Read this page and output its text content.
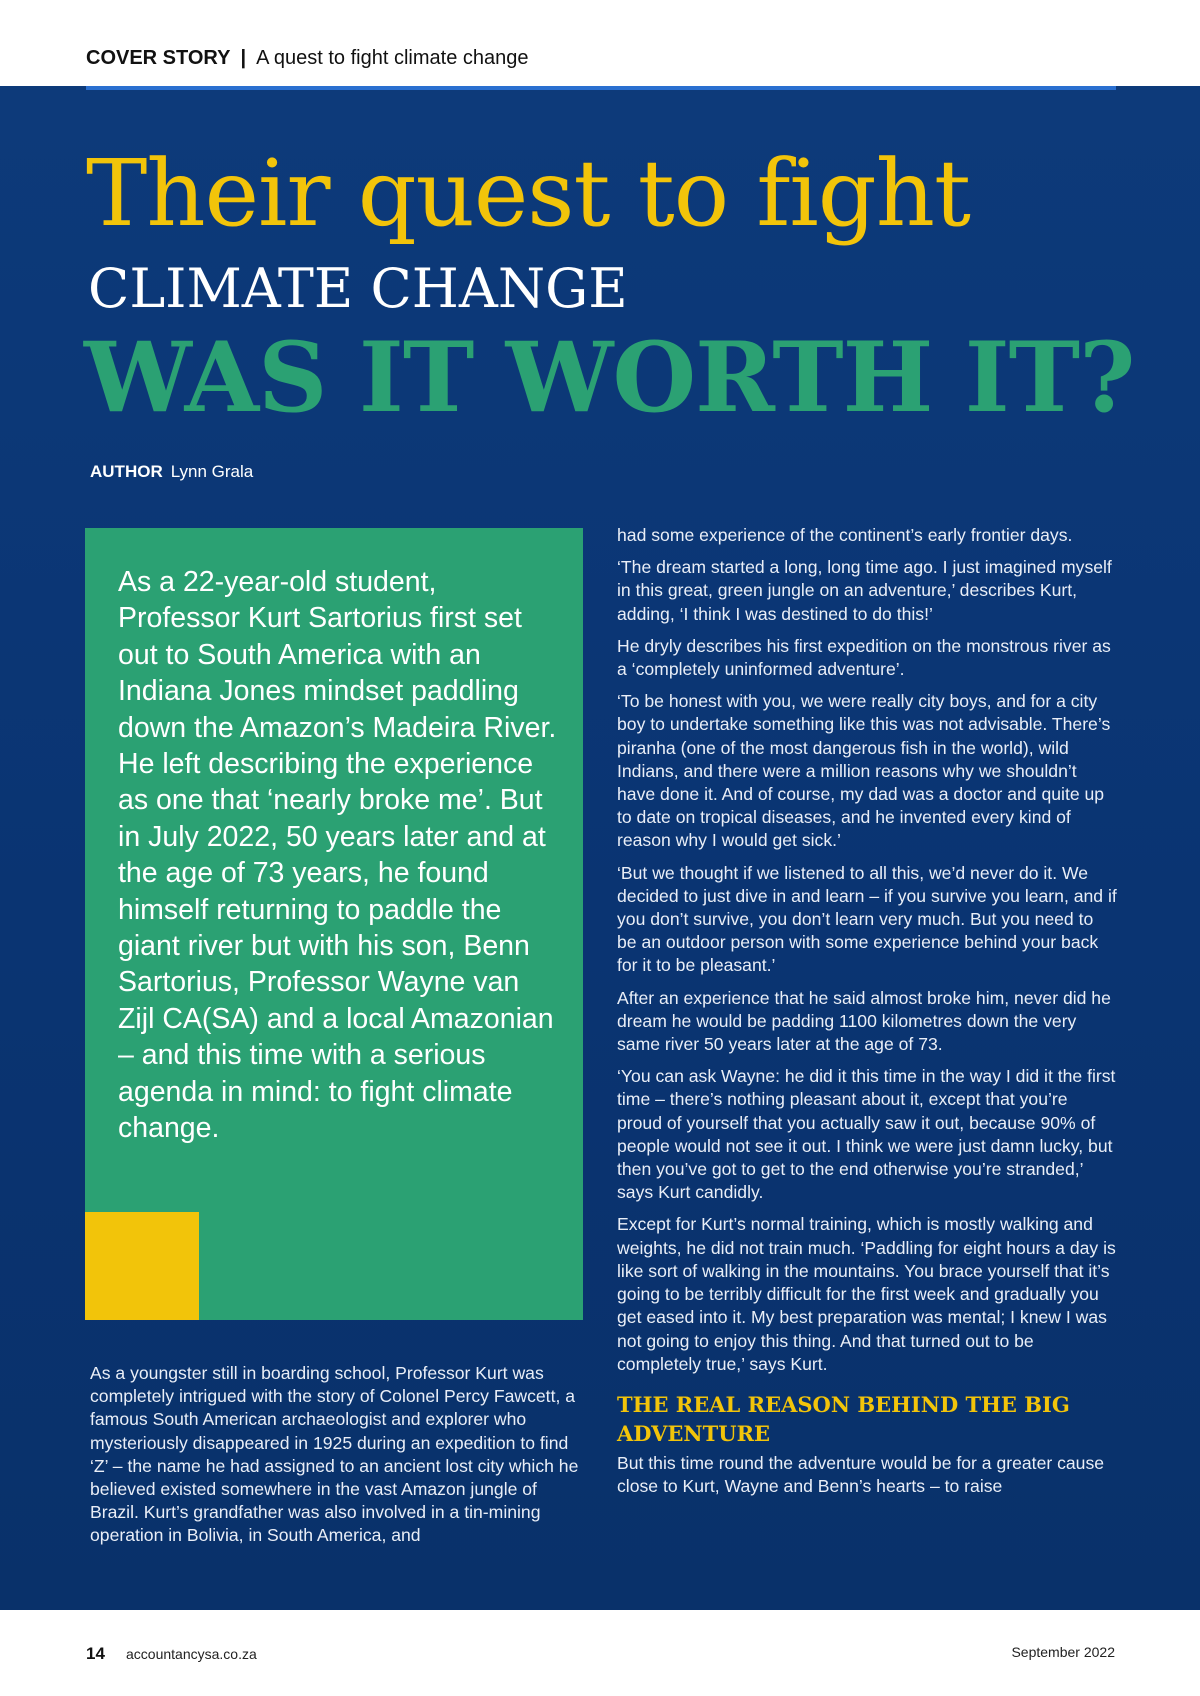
COVER STORY | A quest to fight climate change
Their quest to fight
CLIMATE CHANGE
WAS IT WORTH IT?
AUTHOR Lynn Grala
As a 22-year-old student, Professor Kurt Sartorius first set out to South America with an Indiana Jones mindset paddling down the Amazon’s Madeira River. He left describing the experience as one that ‘nearly broke me’. But in July 2022, 50 years later and at the age of 73 years, he found himself returning to paddle the giant river but with his son, Benn Sartorius, Professor Wayne van Zijl CA(SA) and a local Amazonian – and this time with a serious agenda in mind: to fight climate change.

As a youngster still in boarding school, Professor Kurt was completely intrigued with the story of Colonel Percy Fawcett, a famous South American archaeologist and explorer who mysteriously disappeared in 1925 during an expedition to find ‘Z’ – the name he had assigned to an ancient lost city which he believed existed somewhere in the vast Amazon jungle of Brazil. Kurt’s grandfather was also involved in a tin-mining operation in Bolivia, in South America, and

had some experience of the continent’s early frontier days.

‘The dream started a long, long time ago. I just imagined myself in this great, green jungle on an adventure,’ describes Kurt, adding, ‘I think I was destined to do this!’

He dryly describes his first expedition on the monstrous river as a ‘completely uninformed adventure’.

‘To be honest with you, we were really city boys, and for a city boy to undertake something like this was not advisable. There’s piranha (one of the most dangerous fish in the world), wild Indians, and there were a million reasons why we shouldn’t have done it. And of course, my dad was a doctor and quite up to date on tropical diseases, and he invented every kind of reason why I would get sick.’

‘But we thought if we listened to all this, we’d never do it. We decided to just dive in and learn – if you survive you learn, and if you don’t survive, you don’t learn very much. But you need to be an outdoor person with some experience behind your back for it to be pleasant.’

After an experience that he said almost broke him, never did he dream he would be padding 1100 kilometres down the very same river 50 years later at the age of 73.

‘You can ask Wayne: he did it this time in the way I did it the first time – there’s nothing pleasant about it, except that you’re proud of yourself that you actually saw it out, because 90% of people would not see it out. I think we were just damn lucky, but then you’ve got to get to the end otherwise you’re stranded,’ says Kurt candidly.

Except for Kurt’s normal training, which is mostly walking and weights, he did not train much. ‘Paddling for eight hours a day is like sort of walking in the mountains. You brace yourself that it’s going to be terribly difficult for the first week and gradually you get eased into it. My best preparation was mental; I knew I was not going to enjoy this thing. And that turned out to be completely true,’ says Kurt.

THE REAL REASON BEHIND THE BIG ADVENTURE

But this time round the adventure would be for a greater cause close to Kurt, Wayne and Benn’s hearts – to raise

14 accountancysa.co.za	September 2022
